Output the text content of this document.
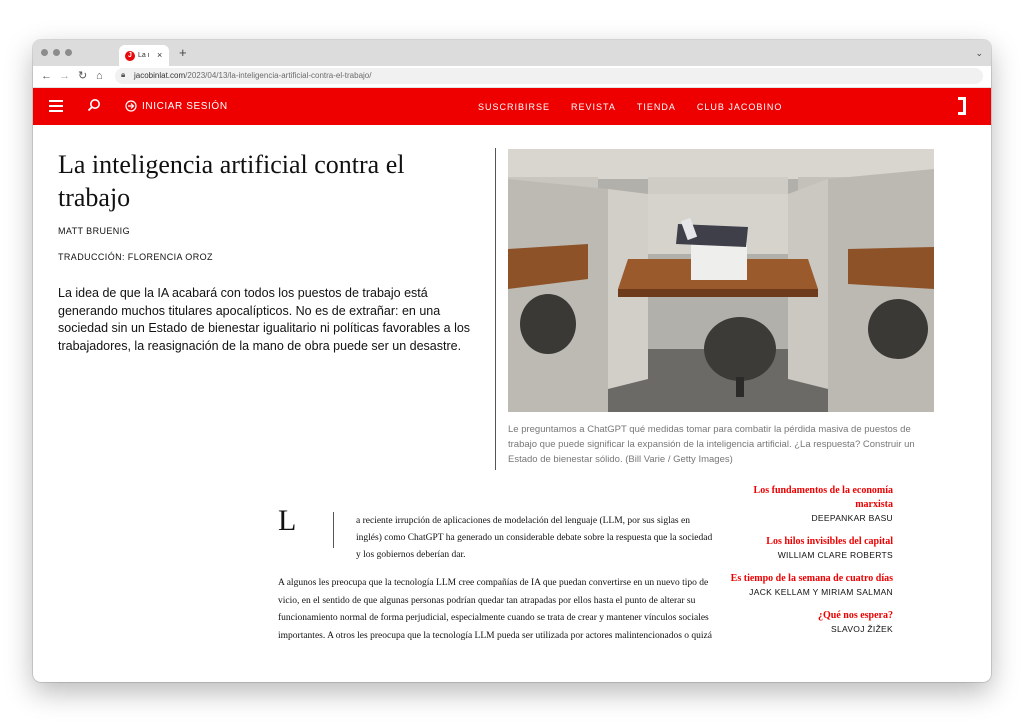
J La i × +	⌄
← → ↻ ⌂ 🔒︎ jacobinlat.com/2023/04/13/la-inteligencia-artificial-contra-el-trabajo/
INICIAR SESIÓN	SUSCRIBIRSE REVISTA TIENDA CLUB JACOBINO
La inteligencia artificial contra el trabajo
MATT BRUENIG
TRADUCCIÓN: FLORENCIA OROZ

La idea de que la IA acabará con todos los puestos de trabajo está generando muchos titulares apocalípticos. No es de extrañar: en una sociedad sin un Estado de bienestar igualitario ni políticas favorables a los trabajadores, la reasignación de la mano de obra puede ser un desastre.

Le preguntamos a ChatGPT qué medidas tomar para combatir la pérdida masiva de puestos de trabajo que puede significar la expansión de la inteligencia artificial. ¿La respuesta? Construir un Estado de bienestar sólido. (Bill Varie / Getty Images)

L	a reciente irrupción de aplicaciones de modelación del lenguaje (LLM, por sus siglas en inglés) como ChatGPT ha generado un considerable debate sobre la respuesta que la sociedad y los gobiernos deberían dar.

A algunos les preocupa que la tecnología LLM cree compañías de IA que puedan convertirse en un nuevo tipo de vicio, en el sentido de que algunas personas podrían quedar tan atrapadas por ellos hasta el punto de alterar su funcionamiento normal de forma perjudicial, especialmente cuando se trata de crear y mantener vínculos sociales importantes. A otros les preocupa que la tecnología LLM pueda ser utilizada por actores malintencionados o quizá

Los fundamentos de la economía marxista
DEEPANKAR BASU
Los hilos invisibles del capital
WILLIAM CLARE ROBERTS
Es tiempo de la semana de cuatro días
JACK KELLAM Y MIRIAM SALMAN
¿Qué nos espera?
SLAVOJ ŽIŽEK
